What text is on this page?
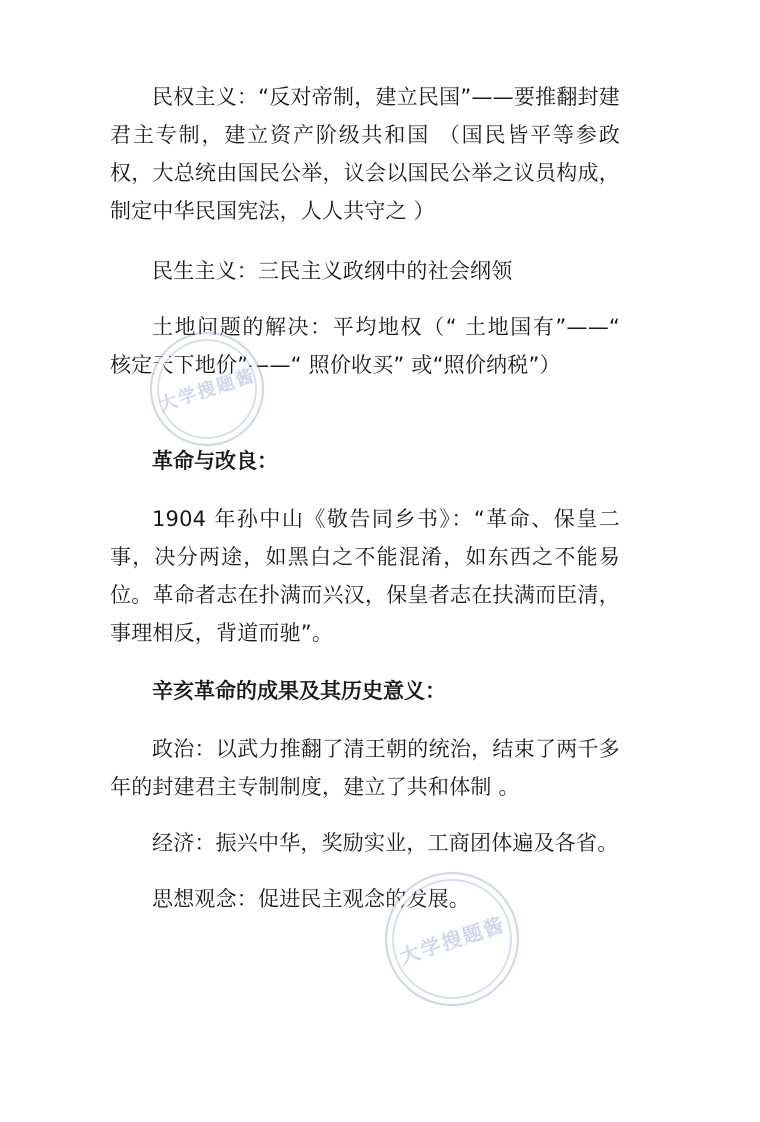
民权主义：“反对帝制，建立民国”——要推翻封建君主专制，建立资产阶级共和国 （国民皆平等参政权，大总统由国民公举，议会以国民公举之议员构成，制定中华民国宪法，人人共守之 ）

民生主义：三民主义政纲中的社会纲领

土地问题的解决：平均地权（“ 土地国有”——“ 核定天下地价”——“ 照价收买” 或“照价纳税”）

革命与改良：

1904 年孙中山《敬告同乡书》：“革命、保皇二事，决分两途，如黑白之不能混淆，如东西之不能易位。革命者志在扑满而兴汉，保皇者志在扶满而臣清，事理相反，背道而驰”。

辛亥革命的成果及其历史意义：

政治：以武力推翻了清王朝的统治，结束了两千多年的封建君主专制制度，建立了共和体制 。

经济：振兴中华，奖励实业，工商团体遍及各省。

思想观念：促进民主观念的发展。

大学搜题酱
大学搜题酱
